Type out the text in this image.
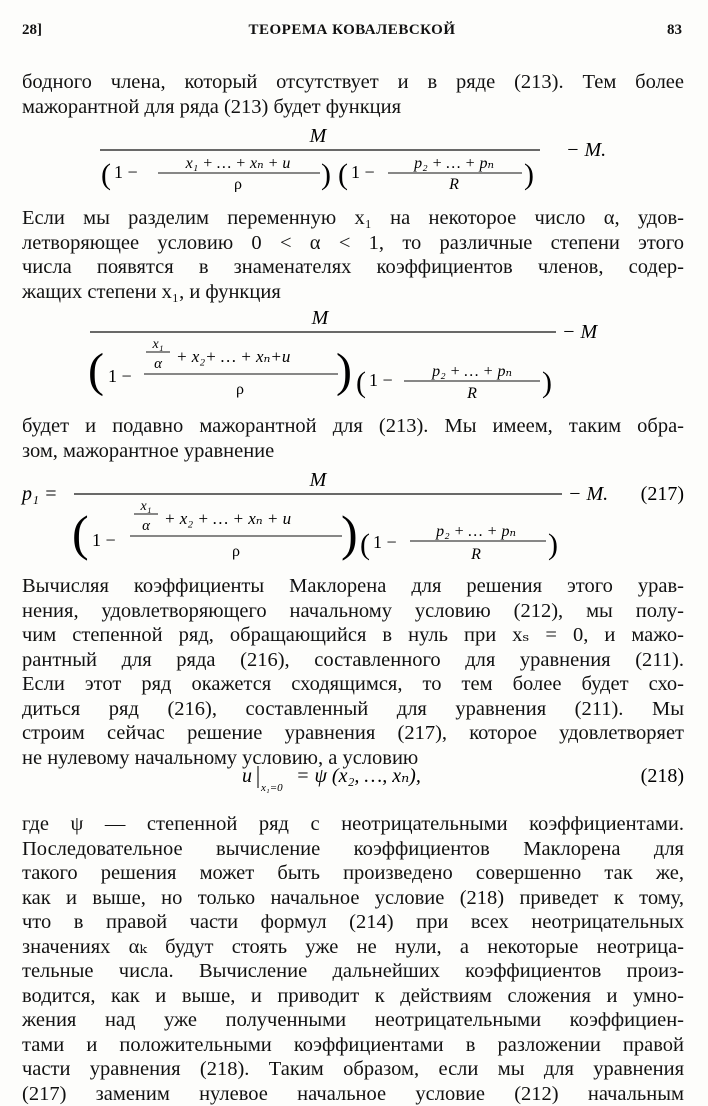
28]	ТЕОРЕМА КОВАЛЕВСКОЙ	83
бодного члена, который отсутствует и в ряде (213). Тем более
мажорантной для ряда (213) будет функция
M
− M.
( 1 −	x₁ + … + xₙ + u
ρ	) ( 1 − p₂ + … + pₙ
R )
Если мы разделим переменную x₁ на некоторое число α, удов-
летворяющее условию 0 < α < 1, то различные степени этого
числа появятся в знаменателях коэффициентов членов, содер-
жащих степени x₁, и функция
M
− M
( 1 −
x₁
α + x₂+ … + xₙ+u
ρ ) ( 1 − p₂ + … + pₙ
R )
будет и подавно мажорантной для (213). Мы имеем, таким обра-
зом, мажорантное уравнение
p₁ =
M
− M. (217)
( 1 −
x₁
α + x₂ + … + xₙ + u
ρ ) ( 1 −
p₂ + … + pₙ
R )
Вычисляя коэффициенты Маклорена для решения этого урав-
нения, удовлетворяющего начальному условию (212), мы полу-
чим степенной ряд, обращающийся в нуль при xₛ = 0, и мажо-
рантный для ряда (216), составленного для уравнения (211).
Если этот ряд окажется сходящимся, то тем более будет схо-
диться ряд (216), составленный для уравнения (211). Мы
строим сейчас решение уравнения (217), которое удовлетворяет
не нулевому начальному условию, а условию
u
x₁=0
= ψ (x₂, …, xₙ),	(218)
где ψ — степенной ряд с неотрицательными коэффициентами.
Последовательное вычисление коэффициентов Маклорена для
такого решения может быть произведено совершенно так же,
как и выше, но только начальное условие (218) приведет к тому,
что в правой части формул (214) при всех неотрицательных
значениях αₖ будут стоять уже не нули, а некоторые неотрица-
тельные числа. Вычисление дальнейших коэффициентов произ-
водится, как и выше, и приводит к действиям сложения и умно-
жения над уже полученными неотрицательными коэффициен-
тами и положительными коэффициентами в разложении правой
части уравнения (218). Таким образом, если мы для уравнения
(217) заменим нулевое начальное условие (212) начальным
